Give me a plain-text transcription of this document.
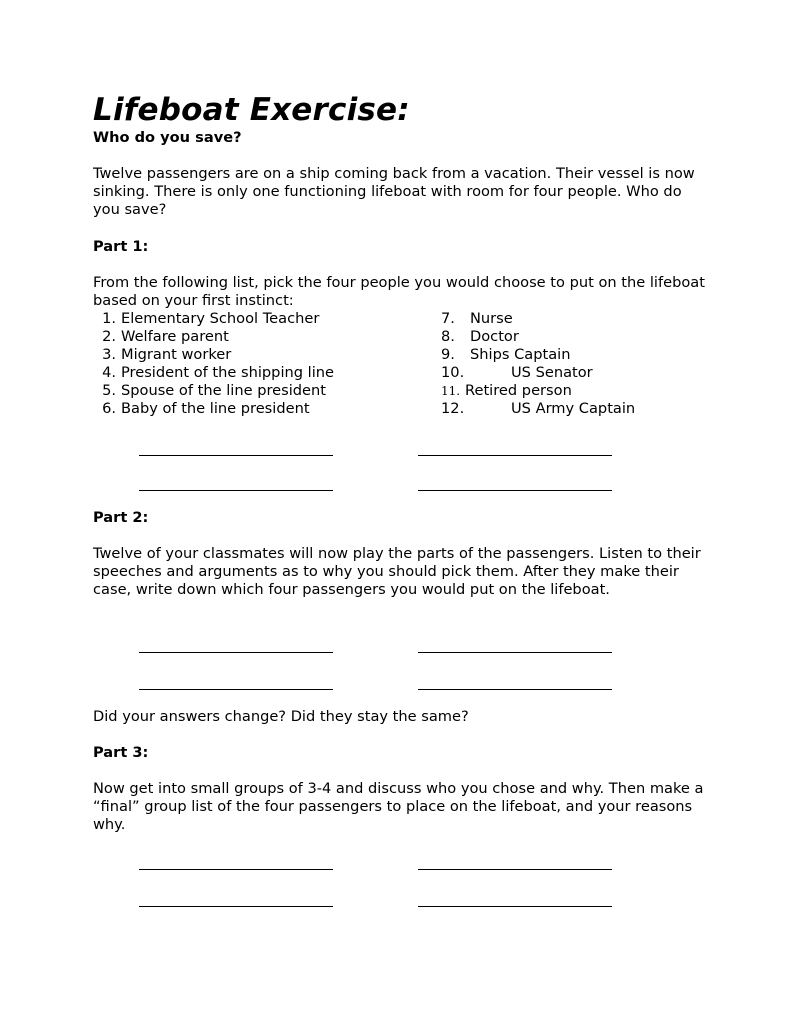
Lifeboat Exercise:
Who do you save?

Twelve passengers are on a ship coming back from a vacation. Their vessel is now sinking. There is only one functioning lifeboat with room for four people. Who do you save?

Part 1:

From the following list, pick the four people you would choose to put on the lifeboat based on your first instinct:

1. Elementary School Teacher
2. Welfare parent
3. Migrant worker
4. President of the shipping line
5. Spouse of the line president
6. Baby of the line president
7. Nurse
8. Doctor
9. Ships Captain
10.	US Senator
11. Retired person
12.	US Army Captain
Part 2:

Twelve of your classmates will now play the parts of the passengers. Listen to their speeches and arguments as to why you should pick them. After they make their case, write down which four passengers you would put on the lifeboat.

Did your answers change? Did they stay the same?
Part 3:

Now get into small groups of 3-4 and discuss who you chose and why. Then make a “final” group list of the four passengers to place on the lifeboat, and your reasons why.
